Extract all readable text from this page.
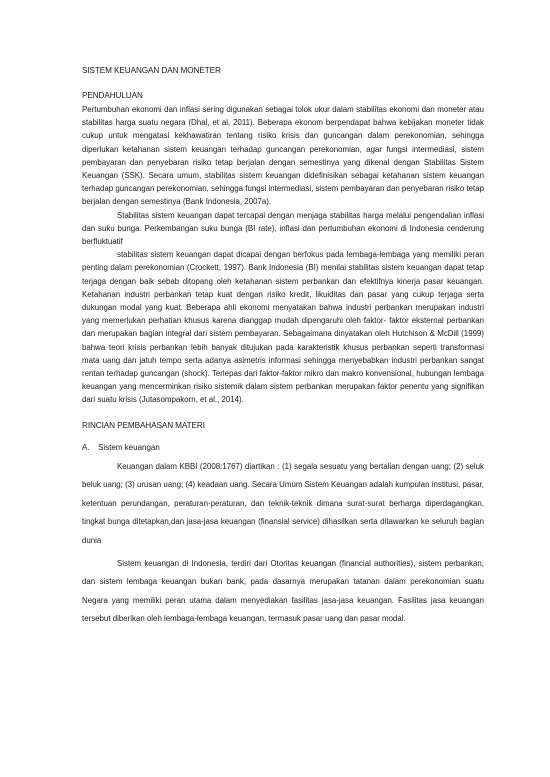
SISTEM KEUANGAN DAN MONETER
PENDAHULUAN

Pertumbuhan ekonomi dan inflasi sering digunakan sebagai tolok ukur dalam stabilitas ekonomi dan moneter atau stabilitas harga suatu negara (Dhal, et al, 2011). Beberapa ekonom berpendapat bahwa kebijakan moneter tidak cukup untuk mengatasi kekhawatiran tentang risiko krisis dan guncangan dalam perekonomian, sehingga diperlukan ketahanan sistem keuangan terhadap guncangan perekonomian, agar fungsi intermediasi, sistem pembayaran dan penyebaran risiko tetap berjalan dengan semestinya yang dikenal dengan Stabilitas Sistem Keuangan (SSK). Secara umum, stabilitas sistem keuangan didefinisikan sebagai ketahanan sistem keuangan terhadap guncangan perekonomian, sehingga fungsi intermediasi, sistem pembayaran dan penyebaran risiko tetap berjalan dengan semestinya (Bank Indonesia, 2007a).

Stabilitas sistem keuangan dapat tercapai dengan menjaga stabilitas harga melalui pengendalian inflasi dan suku bunga. Perkembangan suku bunga (BI rate), inflasi dan pertumbuhan ekonomi di Indonesia cenderung berfluktuatif

stabilitas sistem keuangan dapat dicapai dengan berfokus pada lembaga-lembaga yang memiliki peran penting dalam perekonomian (Crockett, 1997). Bank Indonesia (BI) menilai stabilitas sistem keuangan dapat tetap terjaga dengan baik sebab ditopang oleh ketahanan sistem perbankan dan efektifnya kinerja pasar keuangan. Ketahanan industri perbankan tetap kuat dengan risiko kredit, likuiditas dan pasar yang cukup terjaga serta dukungan modal yang kuat. Beberapa ahli ekonomi menyatakan bahwa industri perbankan merupakan industri yang memerlukan perhatian khusus karena dianggap mudah dipengaruhi oleh faktor- faktor eksternal perbankan dan merupakan bagian integral dari sistem pembayaran. Sebagaimana dinyatakan oleh Hutchison & McDill (1999) bahwa teori krisis perbankan lebih banyak ditujukan pada karakteristik khusus perbankan seperti transformasi mata uang dan jatuh tempo serta adanya asimetris informasi sehingga menyebabkan industri perbankan sangat rentan terhadap guncangan (shock). Terlepas dari faktor-faktor mikro dan makro konvensional, hubungan lembaga keuangan yang mencerminkan risiko sistemik dalam sistem perbankan merupakan faktor penentu yang signifikan dari suatu krisis (Jutasompakorn, et al., 2014).

RINCIAN PEMBAHASAN MATERI
A.	Sistem keuangan

Keuangan dalam KBBI (2008:1767) diartikan : (1) segala sesuatu yang bertalian dengan uang; (2) seluk beluk uang; (3) urusan uang; (4) keadaan uang. Secara Umum Sistem Keuangan adalah kumpulan institusi, pasar, ketentuan perundangan, peraturan-peraturan, dan teknik-teknik dimana surat-surat berharga diperdagangkan, tingkat bunga ditetapkan,dan jasa-jasa keuangan (finansial service) dihasilkan serta ditawarkan ke seluruh bagian dunia

Sistem keuangan di Indonesia, terdiri dari Otoritas keuangan (financial authorities), sistem perbankan, dan sistem lembaga keuangan bukan bank, pada dasarnya merupakan tatanan dalam perekonomian suatu Negara yang memiliki peran utama dalam menyediakan fasilitas jasa-jasa keuangan. Fasilitas jasa keuangan tersebut diberikan oleh lembaga-lembaga keuangan, termasuk pasar uang dan pasar modal.
